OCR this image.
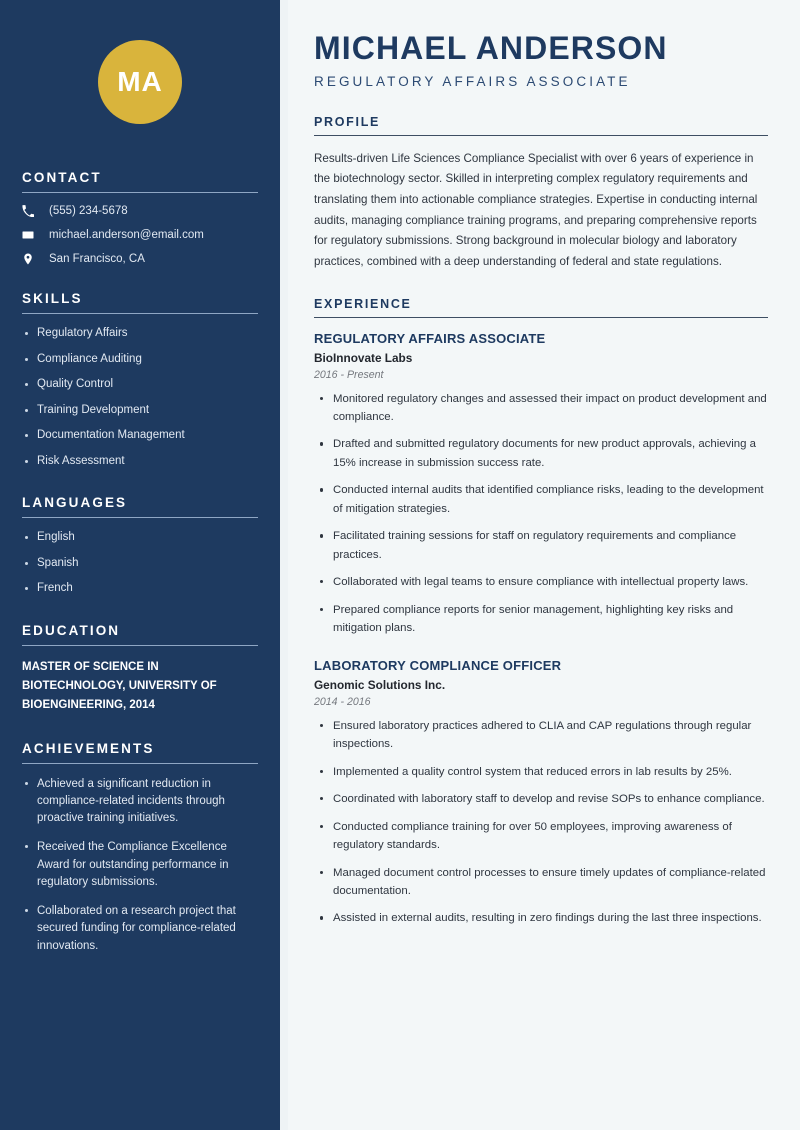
MA
CONTACT
(555) 234-5678
michael.anderson@email.com
San Francisco, CA
SKILLS
Regulatory Affairs
Compliance Auditing
Quality Control
Training Development
Documentation Management
Risk Assessment
LANGUAGES
English
Spanish
French
EDUCATION
MASTER OF SCIENCE IN BIOTECHNOLOGY, UNIVERSITY OF BIOENGINEERING, 2014
ACHIEVEMENTS
Achieved a significant reduction in compliance-related incidents through proactive training initiatives.
Received the Compliance Excellence Award for outstanding performance in regulatory submissions.
Collaborated on a research project that secured funding for compliance-related innovations.
MICHAEL ANDERSON
REGULATORY AFFAIRS ASSOCIATE
PROFILE

Results-driven Life Sciences Compliance Specialist with over 6 years of experience in the biotechnology sector. Skilled in interpreting complex regulatory requirements and translating them into actionable compliance strategies. Expertise in conducting internal audits, managing compliance training programs, and preparing comprehensive reports for regulatory submissions. Strong background in molecular biology and laboratory practices, combined with a deep understanding of federal and state regulations.

EXPERIENCE
REGULATORY AFFAIRS ASSOCIATE
BioInnovate Labs
2016 - Present
Monitored regulatory changes and assessed their impact on product development and compliance.
Drafted and submitted regulatory documents for new product approvals, achieving a 15% increase in submission success rate.
Conducted internal audits that identified compliance risks, leading to the development of mitigation strategies.
Facilitated training sessions for staff on regulatory requirements and compliance practices.
Collaborated with legal teams to ensure compliance with intellectual property laws.
Prepared compliance reports for senior management, highlighting key risks and mitigation plans.
LABORATORY COMPLIANCE OFFICER
Genomic Solutions Inc.
2014 - 2016
Ensured laboratory practices adhered to CLIA and CAP regulations through regular inspections.
Implemented a quality control system that reduced errors in lab results by 25%.
Coordinated with laboratory staff to develop and revise SOPs to enhance compliance.
Conducted compliance training for over 50 employees, improving awareness of regulatory standards.
Managed document control processes to ensure timely updates of compliance-related documentation.
Assisted in external audits, resulting in zero findings during the last three inspections.
